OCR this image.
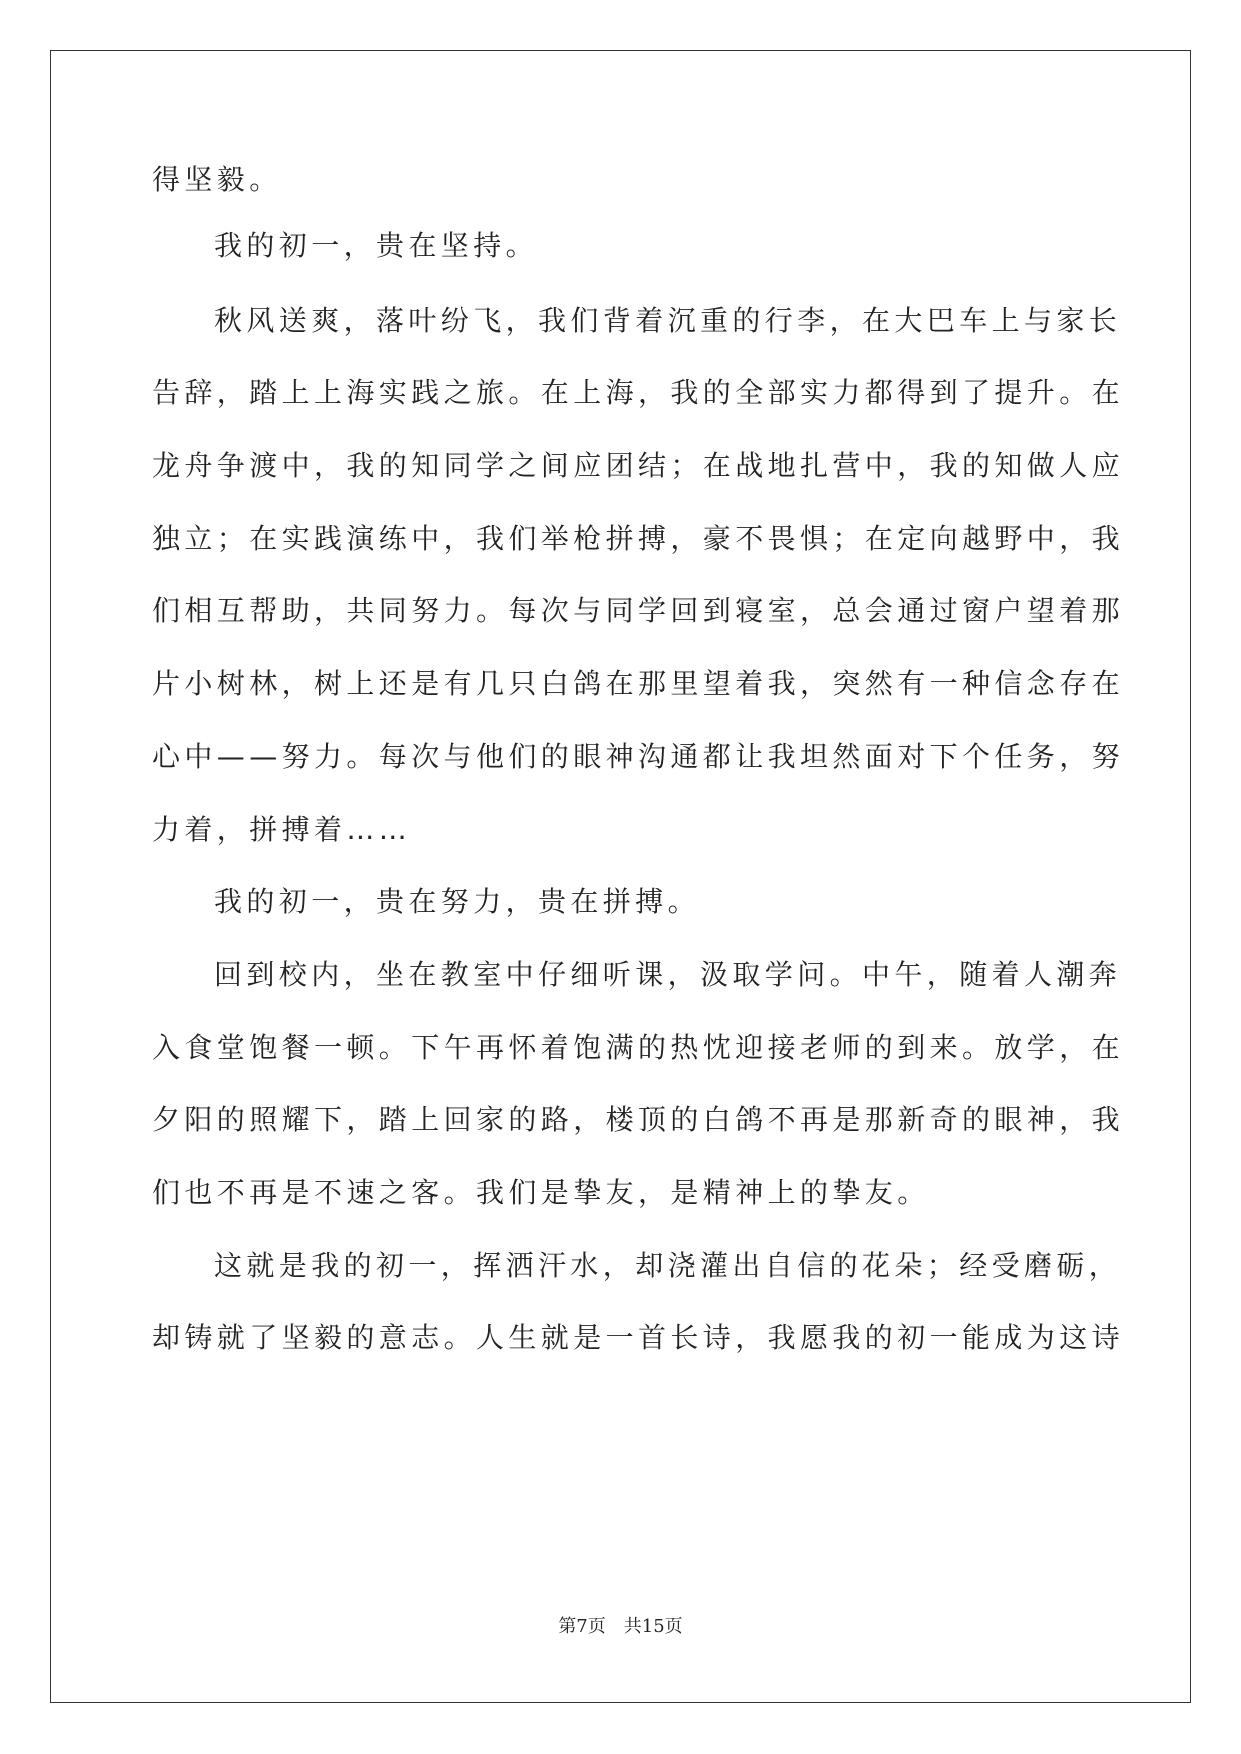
得坚毅。
我的初一，贵在坚持。
秋风送爽，落叶纷飞，我们背着沉重的行李，在大巴车上与家长
告辞，踏上上海实践之旅。在上海，我的全部实力都得到了提升。在
龙舟争渡中，我的知同学之间应团结；在战地扎营中，我的知做人应
独立；在实践演练中，我们举枪拼搏，豪不畏惧；在定向越野中，我
们相互帮助，共同努力。每次与同学回到寝室，总会通过窗户望着那
片小树林，树上还是有几只白鸽在那里望着我，突然有一种信念存在
心中——努力。每次与他们的眼神沟通都让我坦然面对下个任务，努
力着，拼搏着……
我的初一，贵在努力，贵在拼搏。
回到校内，坐在教室中仔细听课，汲取学问。中午，随着人潮奔
入食堂饱餐一顿。下午再怀着饱满的热忱迎接老师的到来。放学，在
夕阳的照耀下，踏上回家的路，楼顶的白鸽不再是那新奇的眼神，我
们也不再是不速之客。我们是挚友，是精神上的挚友。
这就是我的初一，挥洒汗水，却浇灌出自信的花朵；经受磨砺，
却铸就了坚毅的意志。人生就是一首长诗，我愿我的初一能成为这诗
第7页　共15页
